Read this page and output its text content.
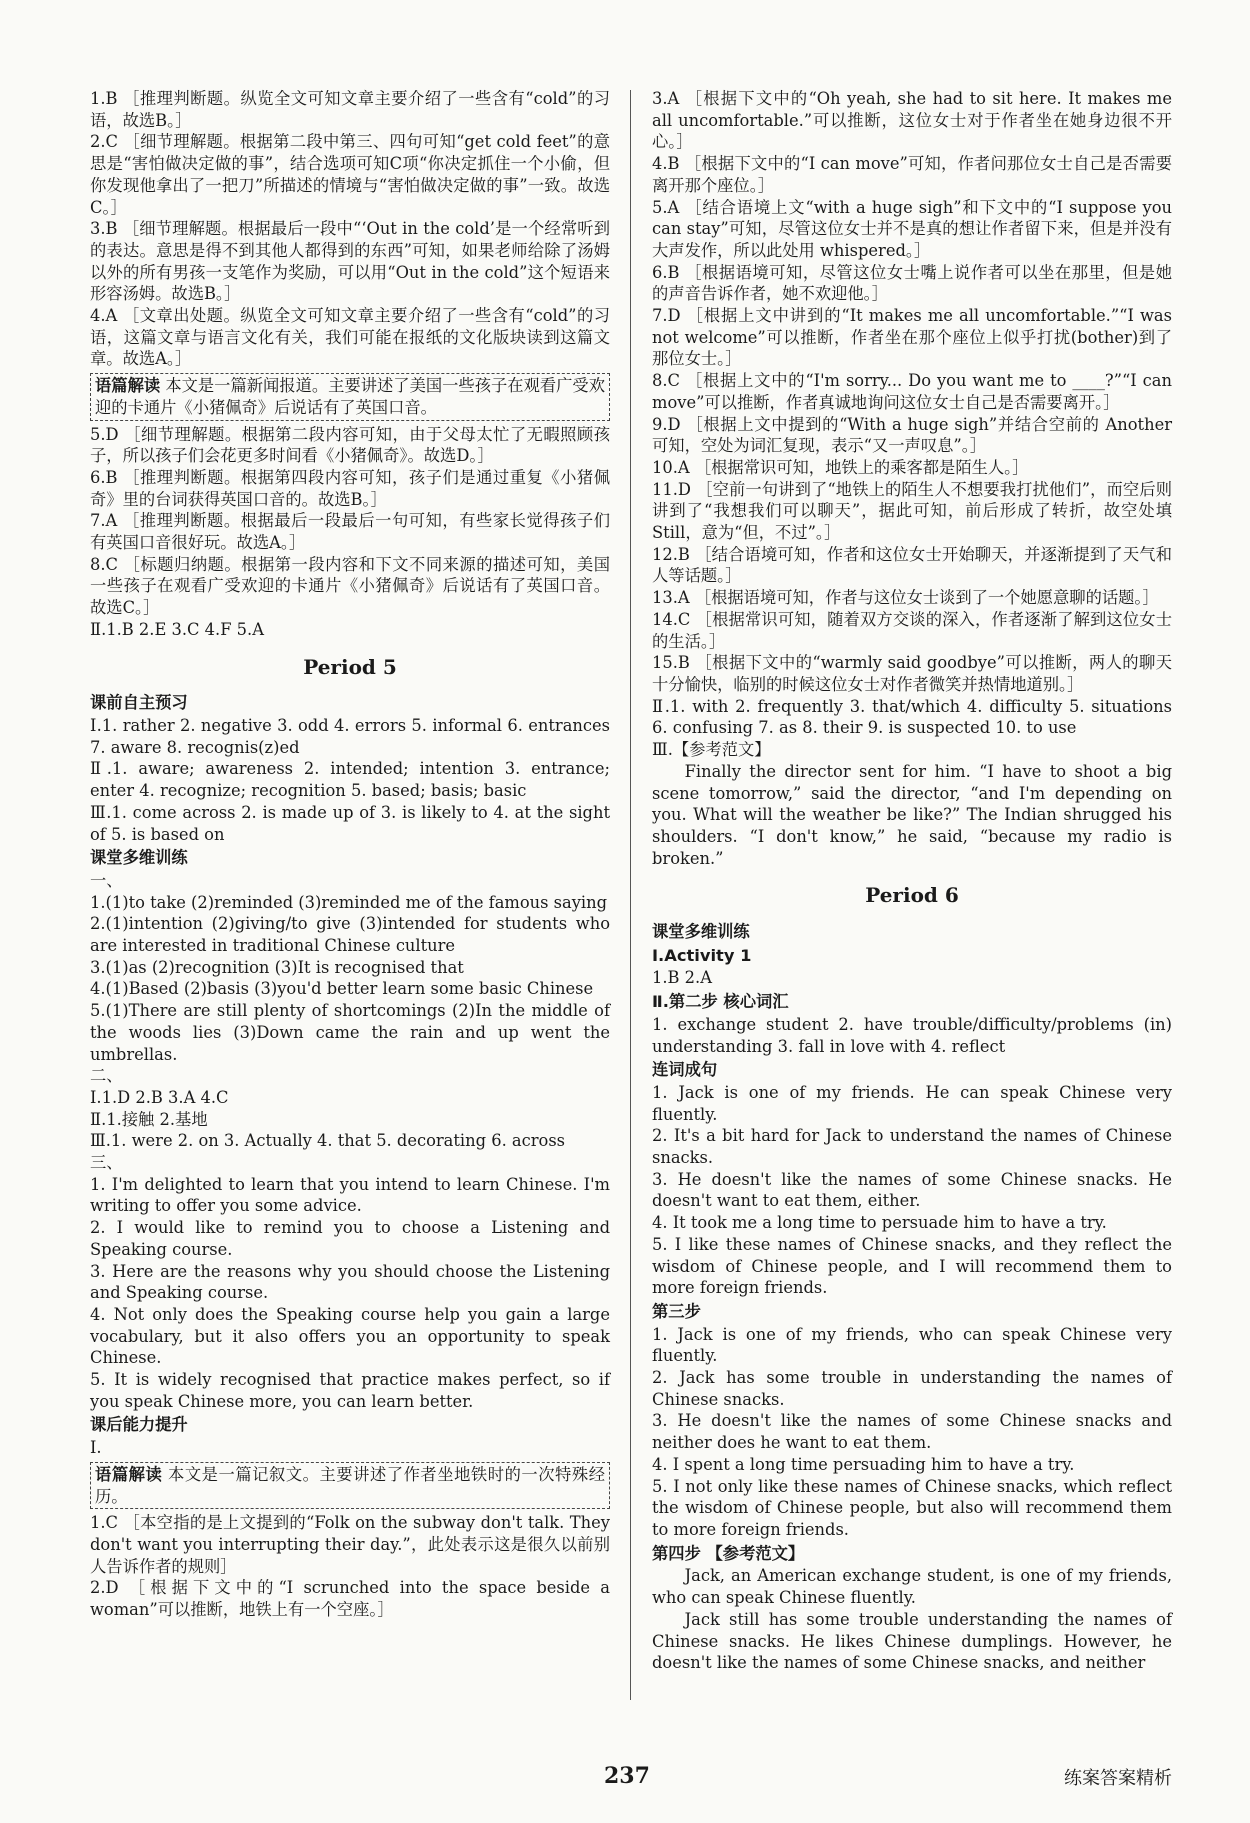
1.B ［推理判断题。纵览全文可知文章主要介绍了一些含有“cold”的习语，故选B。］
2.C ［细节理解题。根据第二段中第三、四句可知“get cold feet”的意思是“害怕做决定做的事”，结合选项可知C项“你决定抓住一个小偷，但你发现他拿出了一把刀”所描述的情境与“害怕做决定做的事”一致。故选C。］
3.B ［细节理解题。根据最后一段中“‘Out in the cold’是一个经常听到的表达。意思是得不到其他人都得到的东西”可知，如果老师给除了汤姆以外的所有男孩一支笔作为奖励，可以用“Out in the cold”这个短语来形容汤姆。故选B。］
4.A ［文章出处题。纵览全文可知文章主要介绍了一些含有“cold”的习语，这篇文章与语言文化有关，我们可能在报纸的文化版块读到这篇文章。故选A。］
语篇解读 本文是一篇新闻报道。主要讲述了美国一些孩子在观看广受欢迎的卡通片《小猪佩奇》后说话有了英国口音。
5.D ［细节理解题。根据第二段内容可知，由于父母太忙了无暇照顾孩子，所以孩子们会花更多时间看《小猪佩奇》。故选D。］
6.B ［推理判断题。根据第四段内容可知，孩子们是通过重复《小猪佩奇》里的台词获得英国口音的。故选B。］
7.A ［推理判断题。根据最后一段最后一句可知，有些家长觉得孩子们有英国口音很好玩。故选A。］
8.C ［标题归纳题。根据第一段内容和下文不同来源的描述可知，美国一些孩子在观看广受欢迎的卡通片《小猪佩奇》后说话有了英国口音。故选C。］
Ⅱ.1.B 2.E 3.C 4.F 5.A
Period 5
课前自主预习
Ⅰ.1. rather 2. negative 3. odd 4. errors 5. informal 6. entrances 7. aware 8. recognis(z)ed
Ⅱ.1. aware; awareness 2. intended; intention 3. entrance; enter 4. recognize; recognition 5. based; basis; basic
Ⅲ.1. come across 2. is made up of 3. is likely to 4. at the sight of 5. is based on
课堂多维训练
一、
1.(1)to take (2)reminded (3)reminded me of the famous saying
2.(1)intention (2)giving/to give (3)intended for students who are interested in traditional Chinese culture
3.(1)as (2)recognition (3)It is recognised that
4.(1)Based (2)basis (3)you'd better learn some basic Chinese
5.(1)There are still plenty of shortcomings (2)In the middle of the woods lies (3)Down came the rain and up went the umbrellas.
二、
Ⅰ.1.D 2.B 3.A 4.C
Ⅱ.1.接触 2.基地
Ⅲ.1. were 2. on 3. Actually 4. that 5. decorating 6. across
三、
1. I'm delighted to learn that you intend to learn Chinese. I'm writing to offer you some advice.
2. I would like to remind you to choose a Listening and Speaking course.
3. Here are the reasons why you should choose the Listening and Speaking course.
4. Not only does the Speaking course help you gain a large vocabulary, but it also offers you an opportunity to speak Chinese.
5. It is widely recognised that practice makes perfect, so if you speak Chinese more, you can learn better.
课后能力提升
Ⅰ.
语篇解读 本文是一篇记叙文。主要讲述了作者坐地铁时的一次特殊经历。
1.C ［本空指的是上文提到的“Folk on the subway don't talk. They don't want you interrupting their day.”，此处表示这是很久以前别人告诉作者的规则］
2.D ［根据下文中的“I scrunched into the space beside a woman”可以推断，地铁上有一个空座。］
3.A ［根据下文中的“Oh yeah, she had to sit here. It makes me all uncomfortable.”可以推断，这位女士对于作者坐在她身边很不开心。］
4.B ［根据下文中的“I can move”可知，作者问那位女士自己是否需要离开那个座位。］
5.A ［结合语境上文“with a huge sigh”和下文中的“I suppose you can stay”可知，尽管这位女士并不是真的想让作者留下来，但是并没有大声发作，所以此处用 whispered。］
6.B ［根据语境可知，尽管这位女士嘴上说作者可以坐在那里，但是她的声音告诉作者，她不欢迎他。］
7.D ［根据上文中讲到的“It makes me all uncomfortable.”“I was not welcome”可以推断，作者坐在那个座位上似乎打扰(bother)到了那位女士。］
8.C ［根据上文中的“I'm sorry... Do you want me to ____?”“I can move”可以推断，作者真诚地询问这位女士自己是否需要离开。］
9.D ［根据上文中提到的“With a huge sigh”并结合空前的 Another 可知，空处为词汇复现，表示“又一声叹息”。］
10.A ［根据常识可知，地铁上的乘客都是陌生人。］
11.D ［空前一句讲到了“地铁上的陌生人不想要我打扰他们”，而空后则讲到了“我想我们可以聊天”，据此可知，前后形成了转折，故空处填 Still，意为“但，不过”。］
12.B ［结合语境可知，作者和这位女士开始聊天，并逐渐提到了天气和人等话题。］
13.A ［根据语境可知，作者与这位女士谈到了一个她愿意聊的话题。］
14.C ［根据常识可知，随着双方交谈的深入，作者逐渐了解到这位女士的生活。］
15.B ［根据下文中的“warmly said goodbye”可以推断，两人的聊天十分愉快，临别的时候这位女士对作者微笑并热情地道别。］
Ⅱ.1. with 2. frequently 3. that/which 4. difficulty 5. situations 6. confusing 7. as 8. their 9. is suspected 10. to use
Ⅲ.【参考范文】
Finally the director sent for him. “I have to shoot a big scene tomorrow,” said the director, “and I'm depending on you. What will the weather be like?” The Indian shrugged his shoulders. “I don't know,” he said, “because my radio is broken.”
Period 6
课堂多维训练
Ⅰ.Activity 1
1.B 2.A
Ⅱ.第二步 核心词汇
1. exchange student 2. have trouble/difficulty/problems (in) understanding 3. fall in love with 4. reflect
连词成句
1. Jack is one of my friends. He can speak Chinese very fluently.
2. It's a bit hard for Jack to understand the names of Chinese snacks.
3. He doesn't like the names of some Chinese snacks. He doesn't want to eat them, either.
4. It took me a long time to persuade him to have a try.
5. I like these names of Chinese snacks, and they reflect the wisdom of Chinese people, and I will recommend them to more foreign friends.
第三步
1. Jack is one of my friends, who can speak Chinese very fluently.
2. Jack has some trouble in understanding the names of Chinese snacks.
3. He doesn't like the names of some Chinese snacks and neither does he want to eat them.
4. I spent a long time persuading him to have a try.
5. I not only like these names of Chinese snacks, which reflect the wisdom of Chinese people, but also will recommend them to more foreign friends.
第四步 【参考范文】
Jack, an American exchange student, is one of my friends, who can speak Chinese fluently.
Jack still has some trouble understanding the names of Chinese snacks. He likes Chinese dumplings. However, he doesn't like the names of some Chinese snacks, and neither
237	练案答案精析
